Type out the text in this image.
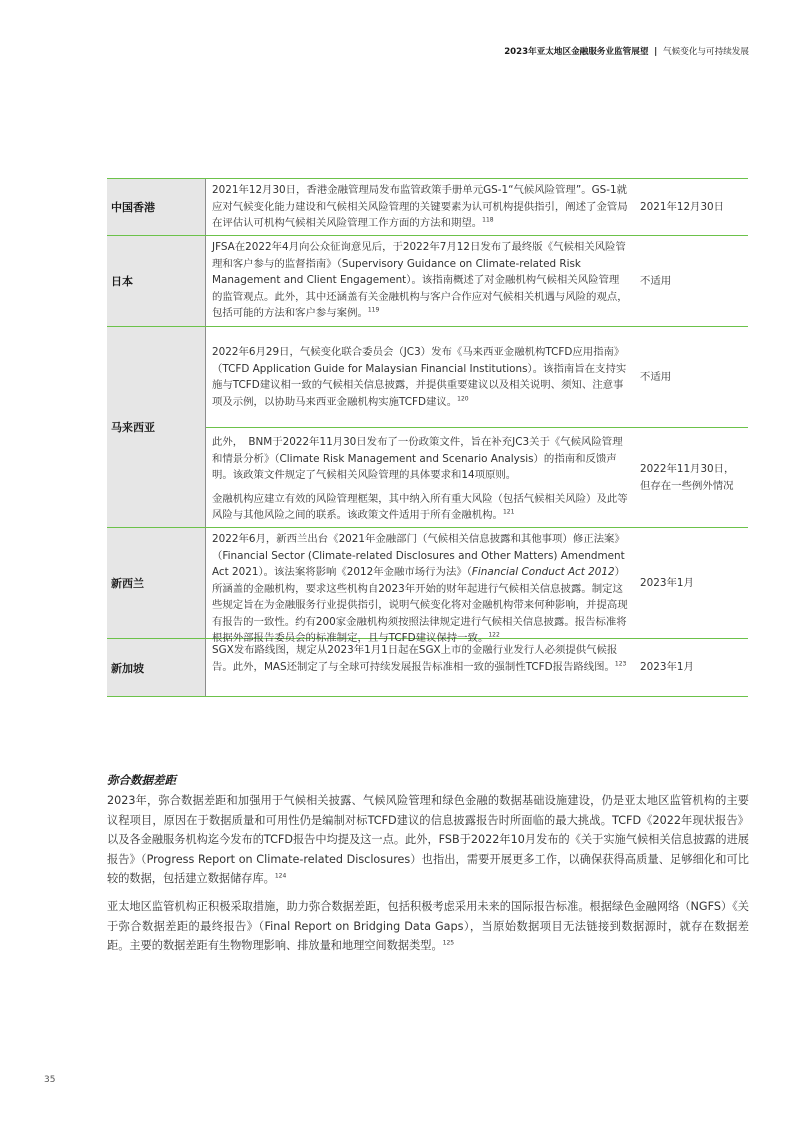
2023年亚太地区金融服务业监管展望 | 气候变化与可持续发展
中国香港
2021年12月30日，香港金融管理局发布监管政策手册单元GS-1“气候风险管理”。GS-1就应对气候变化能力建设和气候相关风险管理的关键要素为认可机构提供指引，阐述了金管局在评估认可机构气候相关风险管理工作方面的方法和期望。$^{118}$
2021年12月30日
日本
JFSA在2022年4月向公众征询意见后，于2022年7月12日发布了最终版《气候相关风险管理和客户参与的监督指南》（Supervisory Guidance on Climate-related Risk Management and Client Engagement）。该指南概述了对金融机构气候相关风险管理的监管观点。此外，其中还涵盖有关金融机构与客户合作应对气候相关机遇与风险的观点，包括可能的方法和客户参与案例。$^{119}$
不适用
马来西亚
2022年6月29日，气候变化联合委员会（JC3）发布《马来西亚金融机构TCFD应用指南》（TCFD Application Guide for Malaysian Financial Institutions）。该指南旨在支持实施与TCFD建议相一致的气候相关信息披露，并提供重要建议以及相关说明、须知、注意事项及示例，以协助马来西亚金融机构实施TCFD建议。$^{120}$
不适用
此外，　BNM于2022年11月30日发布了一份政策文件，旨在补充JC3关于《气候风险管理和情景分析》（Climate Risk Management and Scenario Analysis）的指南和反馈声明。该政策文件规定了气候相关风险管理的具体要求和14项原则。
金融机构应建立有效的风险管理框架，其中纳入所有重大风险（包括气候相关风险）及此等风险与其他风险之间的联系。该政策文件适用于所有金融机构。$^{121}$
2022年11月30日，但存在一些例外情况
新西兰
2022年6月，新西兰出台《2021年金融部门（气候相关信息披露和其他事项）修正法案》（Financial Sector (Climate-related Disclosures and Other Matters) Amendment Act 2021）。该法案将影响《2012年金融市场行为法》（Financial Conduct Act 2012）所涵盖的金融机构，要求这些机构自2023年开始的财年起进行气候相关信息披露。制定这些规定旨在为金融服务行业提供指引，说明气候变化将对金融机构带来何种影响，并提高现有报告的一致性。约有200家金融机构须按照法律规定进行气候相关信息披露。报告标准将根据外部报告委员会的标准制定，且与TCFD建议保持一致。$^{122}$
2023年1月
新加坡
SGX发布路线图，规定从2023年1月1日起在SGX上市的金融行业发行人必须提供气候报告。此外，MAS还制定了与全球可持续发展报告标准相一致的强制性TCFD报告路线图。$^{123}$	2023年1月
弥合数据差距
2023年，弥合数据差距和加强用于气候相关披露、气候风险管理和绿色金融的数据基础设施建设，仍是亚太地区监管机构的主要议程项目，原因在于数据质量和可用性仍是编制对标TCFD建议的信息披露报告时所面临的最大挑战。TCFD《2022年现状报告》以及各金融服务机构迄今发布的TCFD报告中均提及这一点。此外，FSB于2022年10月发布的《关于实施气候相关信息披露的进展报告》（Progress Report on Climate-related Disclosures）也指出，需要开展更多工作，以确保获得高质量、足够细化和可比较的数据，包括建立数据储存库。$^{124}$
亚太地区监管机构正积极采取措施，助力弥合数据差距，包括积极考虑采用未来的国际报告标准。根据绿色金融网络（NGFS）《关于弥合数据差距的最终报告》（Final Report on Bridging Data Gaps），当原始数据项目无法链接到数据源时，就存在数据差距。主要的数据差距有生物物理影响、排放量和地理空间数据类型。$^{125}$
35
